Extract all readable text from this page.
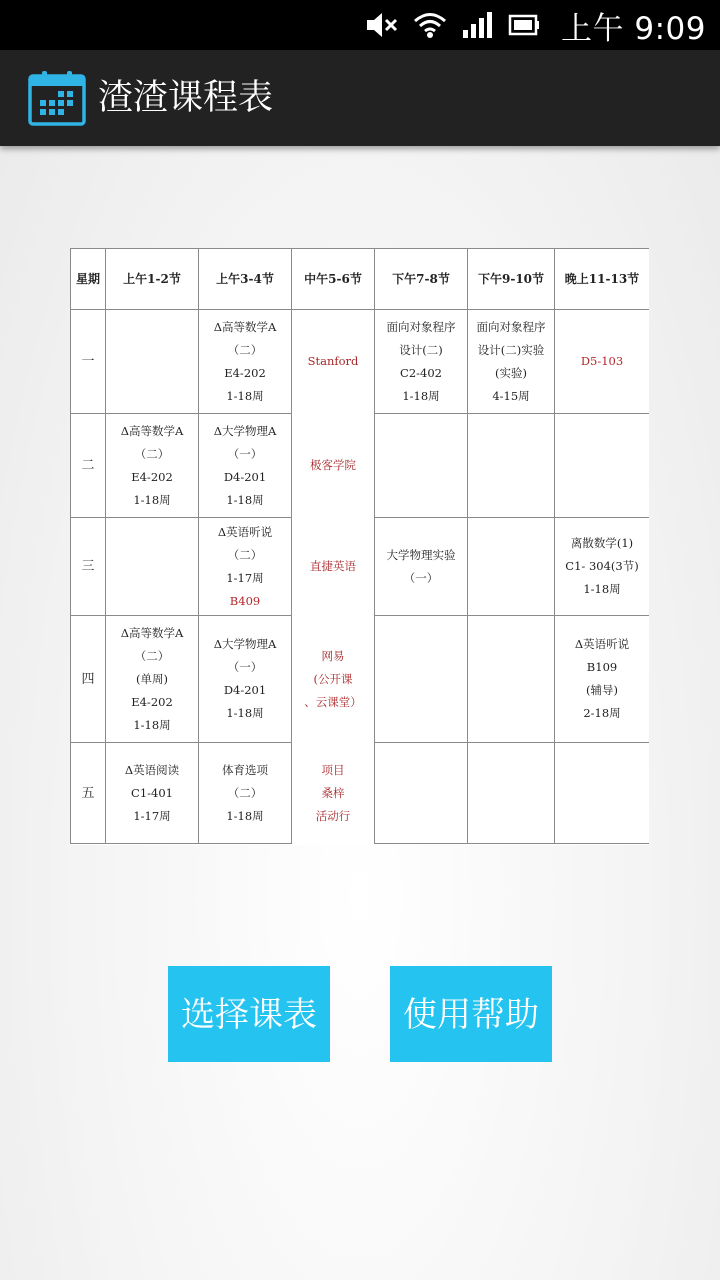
上午 9:09
渣渣课程表
星期	上午1-2节	上午3-4节	中午5-6节	下午7-8节	下午9-10节	晚上11-13节
一		Δ高等数学A
（二）
E4-202
1-18周	Stanford	面向对象程序
设计(二)
C2-402
1-18周	面向对象程序
设计(二)实验
(实验)
4-15周	D5-103

二	Δ高等数学A
（二）
E4-202
1-18周	Δ大学物理A
（一）
D4-201
1-18周	极客学院			

三		Δ英语听说
（二）
1-17周
B409	直捷英语	大学物理实验
（一）		离散数学(1)
C1- 304(3节)
1-18周

四	Δ高等数学A
（二）
(单周)
E4-202
1-18周	Δ大学物理A
（一）
D4-201
1-18周	网易
(公开课
、云课堂）			Δ英语听说
B109
(辅导)
2-18周

五	Δ英语阅读
C1-401
1-17周	体育选项
（二）
1-18周	项目
桑梓
活动行			

选择课表	使用帮助
